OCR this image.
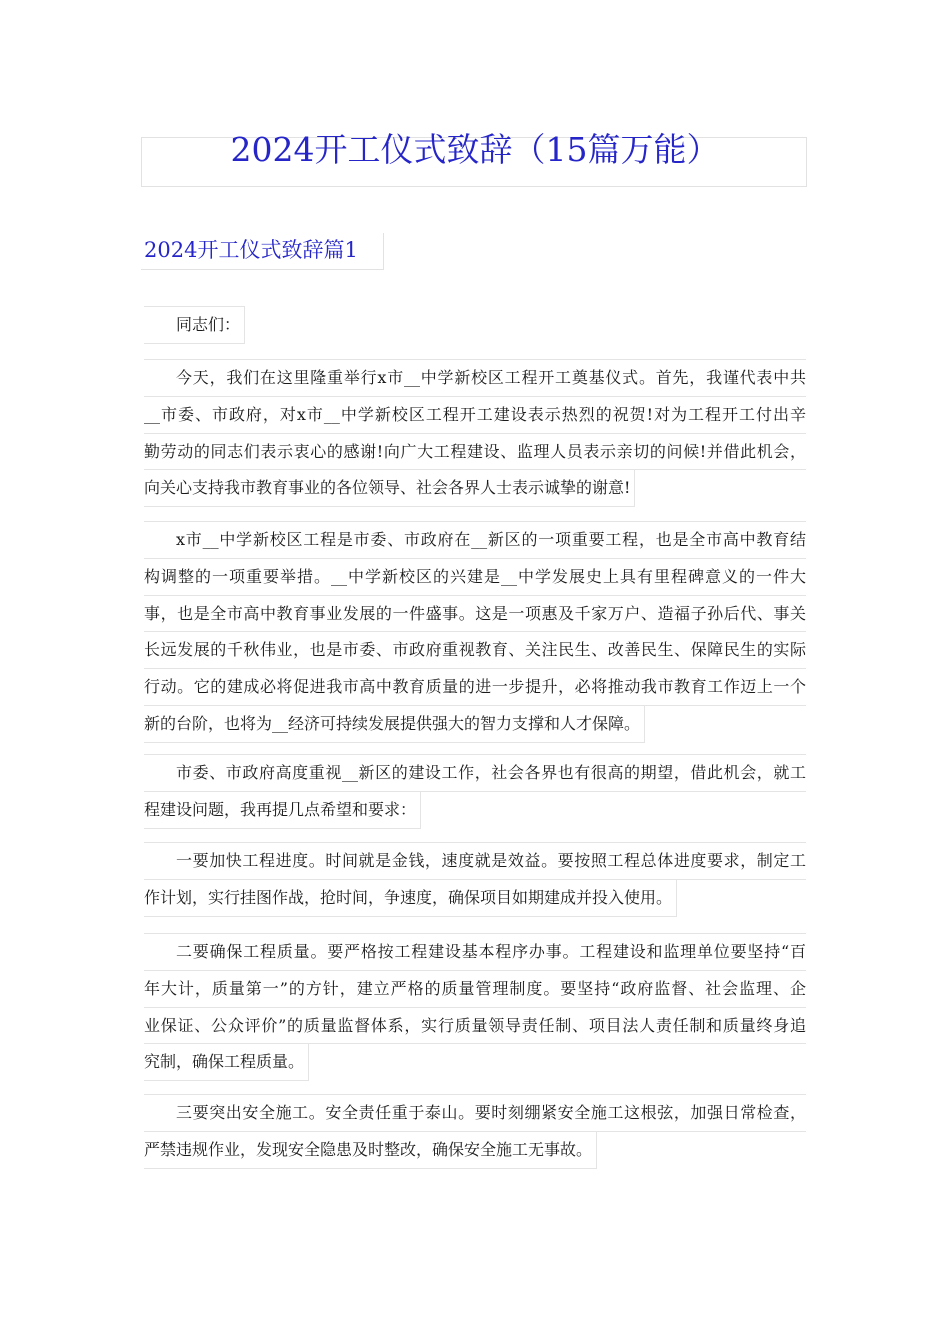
2024开工仪式致辞（15篇万能）
2024开工仪式致辞篇1
同志们：
今天，我们在这里隆重举行x市__中学新校区工程开工奠基仪式。首先，我谨代表中共
__市委、市政府，对x市__中学新校区工程开工建设表示热烈的祝贺!对为工程开工付出辛
勤劳动的同志们表示衷心的感谢!向广大工程建设、监理人员表示亲切的问候!并借此机会，
向关心支持我市教育事业的各位领导、社会各界人士表示诚挚的谢意!
x市__中学新校区工程是市委、市政府在__新区的一项重要工程，也是全市高中教育结
构调整的一项重要举措。__中学新校区的兴建是__中学发展史上具有里程碑意义的一件大
事，也是全市高中教育事业发展的一件盛事。这是一项惠及千家万户、造福子孙后代、事关
长远发展的千秋伟业，也是市委、市政府重视教育、关注民生、改善民生、保障民生的实际
行动。它的建成必将促进我市高中教育质量的进一步提升，必将推动我市教育工作迈上一个
新的台阶，也将为__经济可持续发展提供强大的智力支撑和人才保障。
市委、市政府高度重视__新区的建设工作，社会各界也有很高的期望，借此机会，就工
程建设问题，我再提几点希望和要求：
一要加快工程进度。时间就是金钱，速度就是效益。要按照工程总体进度要求，制定工
作计划，实行挂图作战，抢时间，争速度，确保项目如期建成并投入使用。
二要确保工程质量。要严格按工程建设基本程序办事。工程建设和监理单位要坚持“百
年大计，质量第一”的方针，建立严格的质量管理制度。要坚持“政府监督、社会监理、企
业保证、公众评价”的质量监督体系，实行质量领导责任制、项目法人责任制和质量终身追
究制，确保工程质量。
三要突出安全施工。安全责任重于泰山。要时刻绷紧安全施工这根弦，加强日常检查，
严禁违规作业，发现安全隐患及时整改，确保安全施工无事故。
